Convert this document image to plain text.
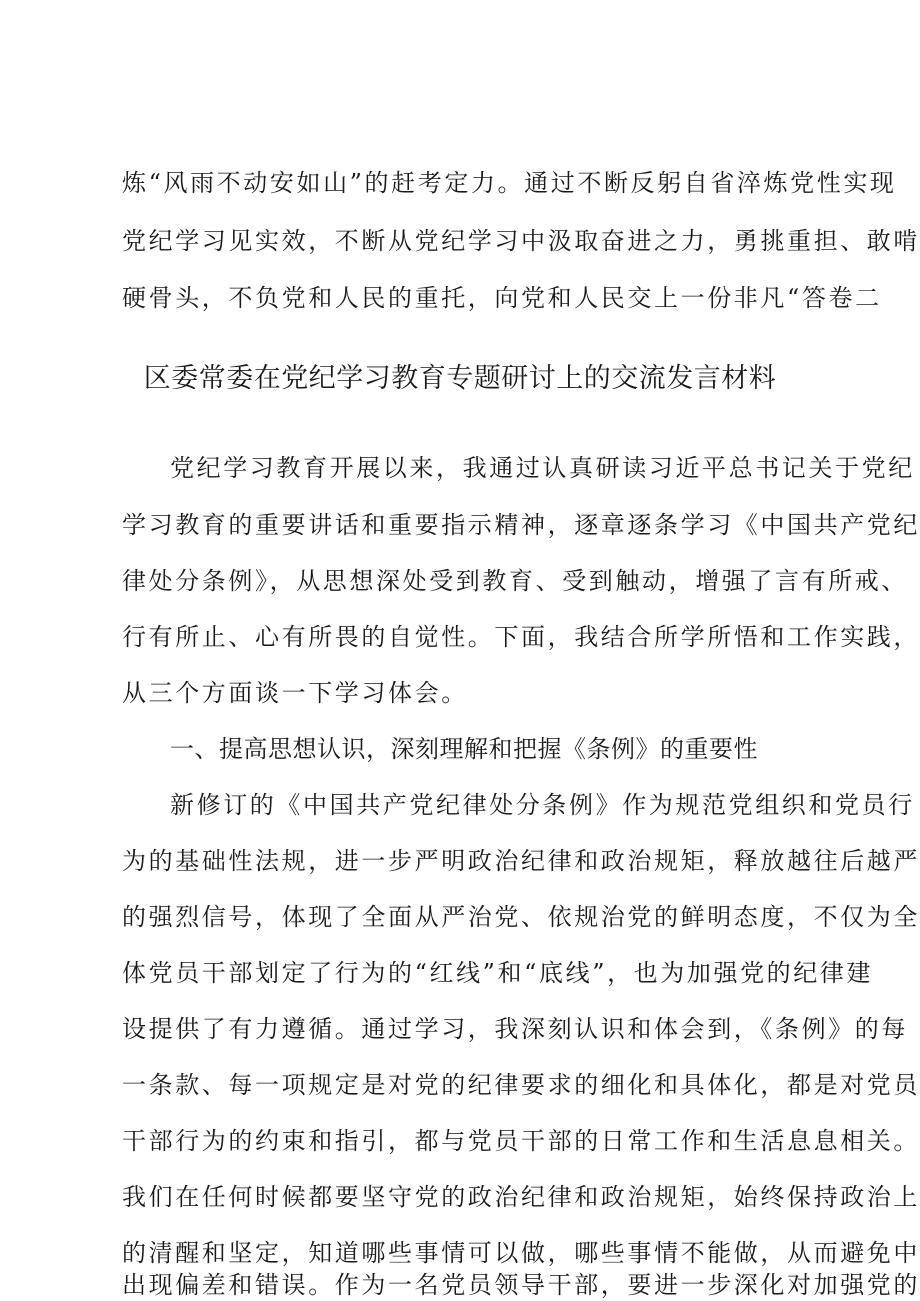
炼“风雨不动安如山”的赶考定力。通过不断反躬自省淬炼党性实现
党纪学习见实效，不断从党纪学习中汲取奋进之力，勇挑重担、敢啃
硬骨头，不负党和人民的重托，向党和人民交上一份非凡“答卷二
区委常委在党纪学习教育专题研讨上的交流发言材料
党纪学习教育开展以来，我通过认真研读习近平总书记关于党纪
学习教育的重要讲话和重要指示精神，逐章逐条学习《中国共产党纪
律处分条例》，从思想深处受到教育、受到触动，增强了言有所戒、
行有所止、心有所畏的自觉性。下面，我结合所学所悟和工作实践，
从三个方面谈一下学习体会。
一、提高思想认识，深刻理解和把握《条例》的重要性
新修订的《中国共产党纪律处分条例》作为规范党组织和党员行
为的基础性法规，进一步严明政治纪律和政治规矩，释放越往后越严
的强烈信号，体现了全面从严治党、依规治党的鲜明态度，不仅为全
体党员干部划定了行为的“红线”和“底线”，也为加强党的纪律建
设提供了有力遵循。通过学习，我深刻认识和体会到，《条例》的每
一条款、每一项规定是对党的纪律要求的细化和具体化，都是对党员
干部行为的约束和指引，都与党员干部的日常工作和生活息息相关。
我们在任何时候都要坚守党的政治纪律和政治规矩，始终保持政治上
的清醒和坚定，知道哪些事情可以做，哪些事情不能做，从而避免中
出现偏差和错误。作为一名党员领导干部，要进一步深化对加强党的
